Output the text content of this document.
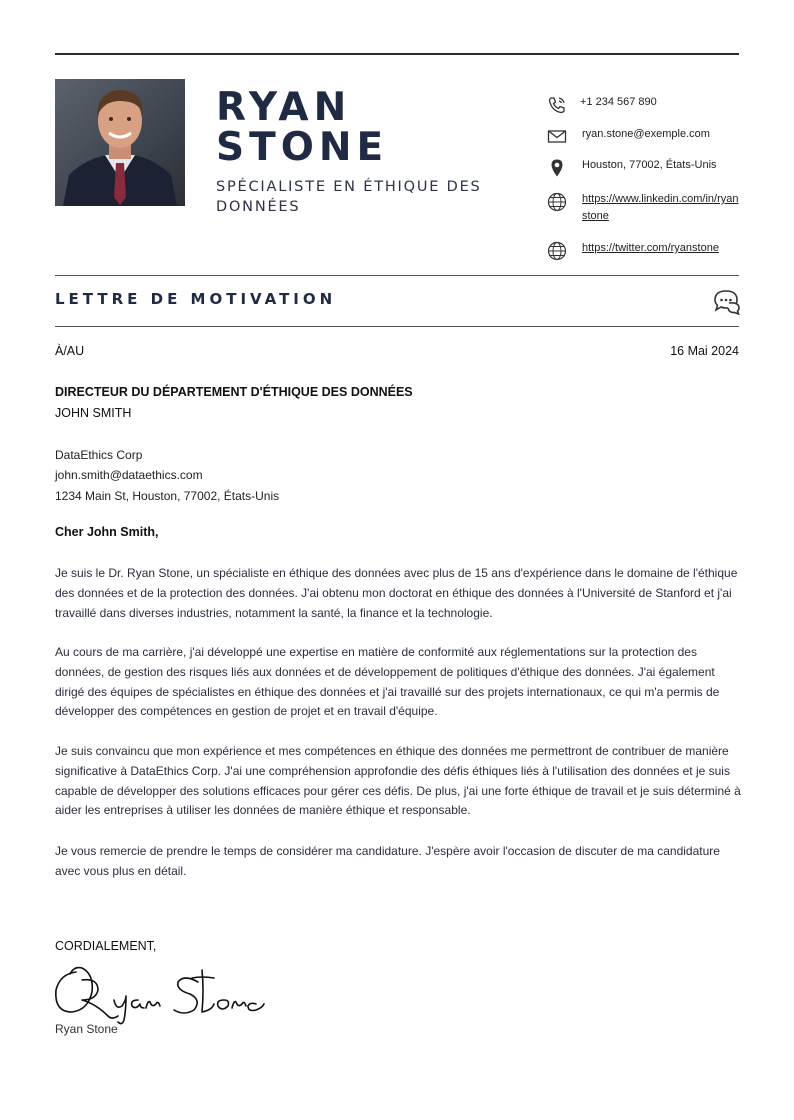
RYAN
STONE
SPÉCIALISTE EN ÉTHIQUE DES DONNÉES
+1 234 567 890
ryan.stone@exemple.com
Houston, 77002, États-Unis
https://www.linkedin.com/in/ryanstone
https://twitter.com/ryanstone
LETTRE DE MOTIVATION
À/AU	16 Mai 2024
DIRECTEUR DU DÉPARTEMENT D'ÉTHIQUE DES DONNÉES
JOHN SMITH
DataEthics Corp
john.smith@dataethics.com
1234 Main St, Houston, 77002, États-Unis
Cher John Smith,
Je suis le Dr. Ryan Stone, un spécialiste en éthique des données avec plus de 15 ans d'expérience dans le domaine de l'éthique des données et de la protection des données. J'ai obtenu mon doctorat en éthique des données à l'Université de Stanford et j'ai travaillé dans diverses industries, notamment la santé, la finance et la technologie.
Au cours de ma carrière, j'ai développé une expertise en matière de conformité aux réglementations sur la protection des données, de gestion des risques liés aux données et de développement de politiques d'éthique des données. J'ai également dirigé des équipes de spécialistes en éthique des données et j'ai travaillé sur des projets internationaux, ce qui m'a permis de développer des compétences en gestion de projet et en travail d'équipe.
Je suis convaincu que mon expérience et mes compétences en éthique des données me permettront de contribuer de manière significative à DataEthics Corp. J'ai une compréhension approfondie des défis éthiques liés à l'utilisation des données et je suis capable de développer des solutions efficaces pour gérer ces défis. De plus, j'ai une forte éthique de travail et je suis déterminé à aider les entreprises à utiliser les données de manière éthique et responsable.
Je vous remercie de prendre le temps de considérer ma candidature. J'espère avoir l'occasion de discuter de ma candidature avec vous plus en détail.
CORDIALEMENT,
Ryan Stone
